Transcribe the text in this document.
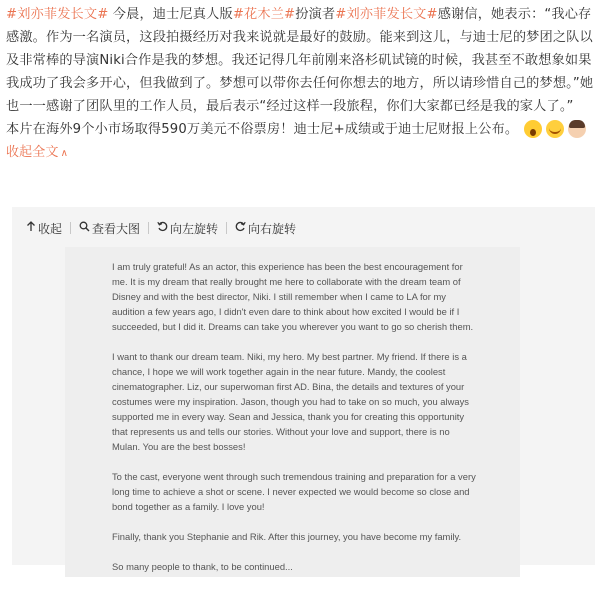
#刘亦菲发长文# 今晨，迪士尼真人版#花木兰#扮演者#刘亦菲发长文#感谢信，她表示：“我心存感激。作为一名演员，这段拍摄经历对我来说就是最好的鼓励。能来到这儿，与迪士尼的梦团之队以及非常棒的导演Niki合作是我的梦想。我还记得几年前刚来洛杉矶试镜的时候，我甚至不敢想象如果我成功了我会多开心，但我做到了。梦想可以带你去任何你想去的地方，所以请珍惜自己的梦想。”她也一一感谢了团队里的工作人员，最后表示“经过这样一段旅程，你们大家都已经是我的家人了。”
本片在海外9个小市场取得590万美元不俗票房！迪士尼+成绩或于迪士尼财报上公布。

收起全文 ∧
收起	查看大图	向左旋转	向右旋转

I am truly grateful! As an actor, this experience has been the best encouragement for me. It is my dream that really brought me here to collaborate with the dream team of Disney and with the best director, Niki. I still remember when I came to LA for my audition a few years ago, I didn't even dare to think about how excited I would be if I succeeded, but I did it. Dreams can take you wherever you want to go so cherish them.

I want to thank our dream team. Niki, my hero. My best partner. My friend. If there is a chance, I hope we will work together again in the near future. Mandy, the coolest cinematographer. Liz, our superwoman first AD. Bina, the details and textures of your costumes were my inspiration. Jason, though you had to take on so much, you always supported me in every way. Sean and Jessica, thank you for creating this opportunity that represents us and tells our stories. Without your love and support, there is no Mulan. You are the best bosses!

To the cast, everyone went through such tremendous training and preparation for a very long time to achieve a shot or scene. I never expected we would become so close and bond together as a family. I love you!

Finally, thank you Stephanie and Rik. After this journey, you have become my family.

So many people to thank, to be continued...
